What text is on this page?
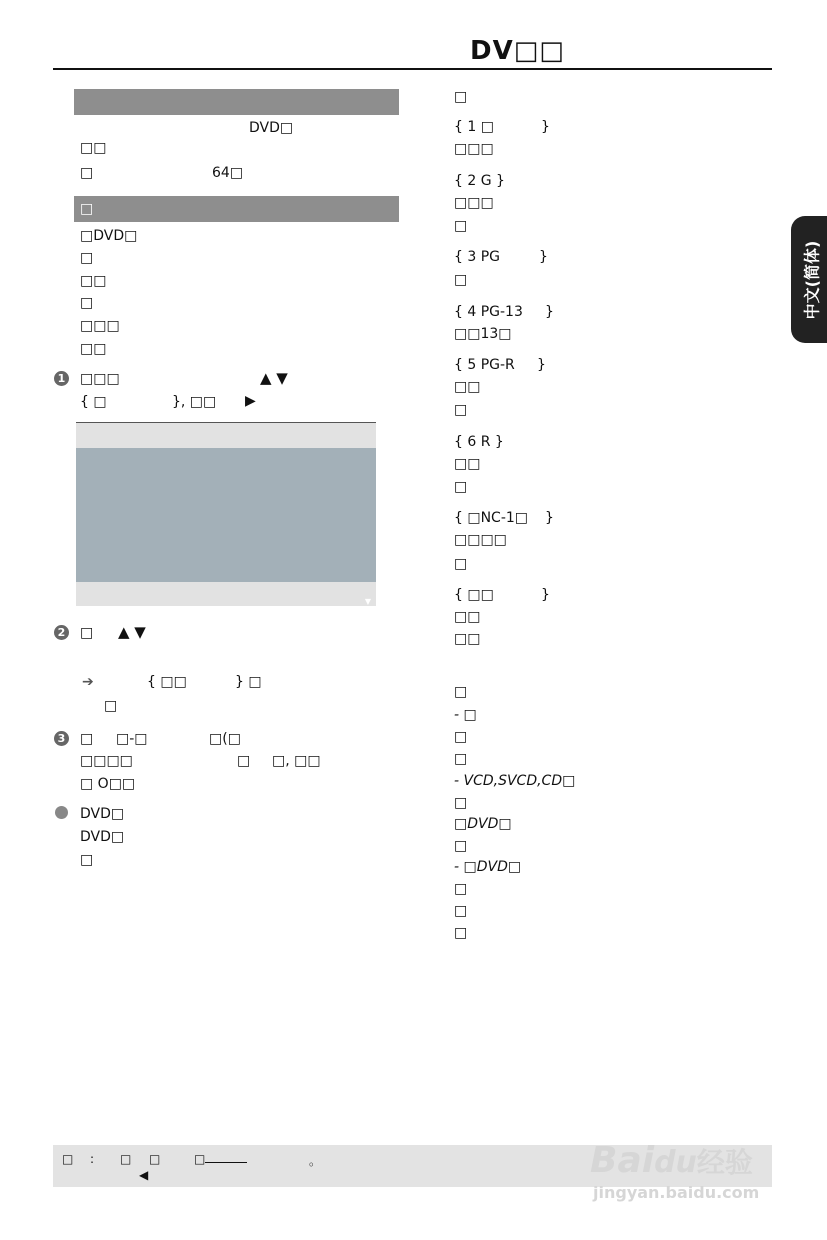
DV□□
中文(简体)
DVD□
□□
□	64□
□
□DVD□
□
□□
□
□□□
□□
1 □□□	▲ ▼
{ □	}, □□ ▶
▼
2 □ ▲ ▼
➔	{ □□	} □
□
3 □ □-□	□(□
□□□□	□ □, □□
□ O□□
DVD□
DVD□
□
□
{ 1 □	}
□□□
{ 2 G }
□□□
□
{ 3 PG	}
□
{ 4 PG-13 }
□□13□
{ 5 PG-R }
□□
□
{ 6 R }
□□
□
{ □NC-1□ }
□□□□
□
{ □□	}
□□
□□
□
- □
□
□
- VCD,SVCD,CD□
□
□DVD□
□
- □DVD□
□
□
□
□ : □ □	□	。
◀	Baidu经验
jingyan.baidu.com
